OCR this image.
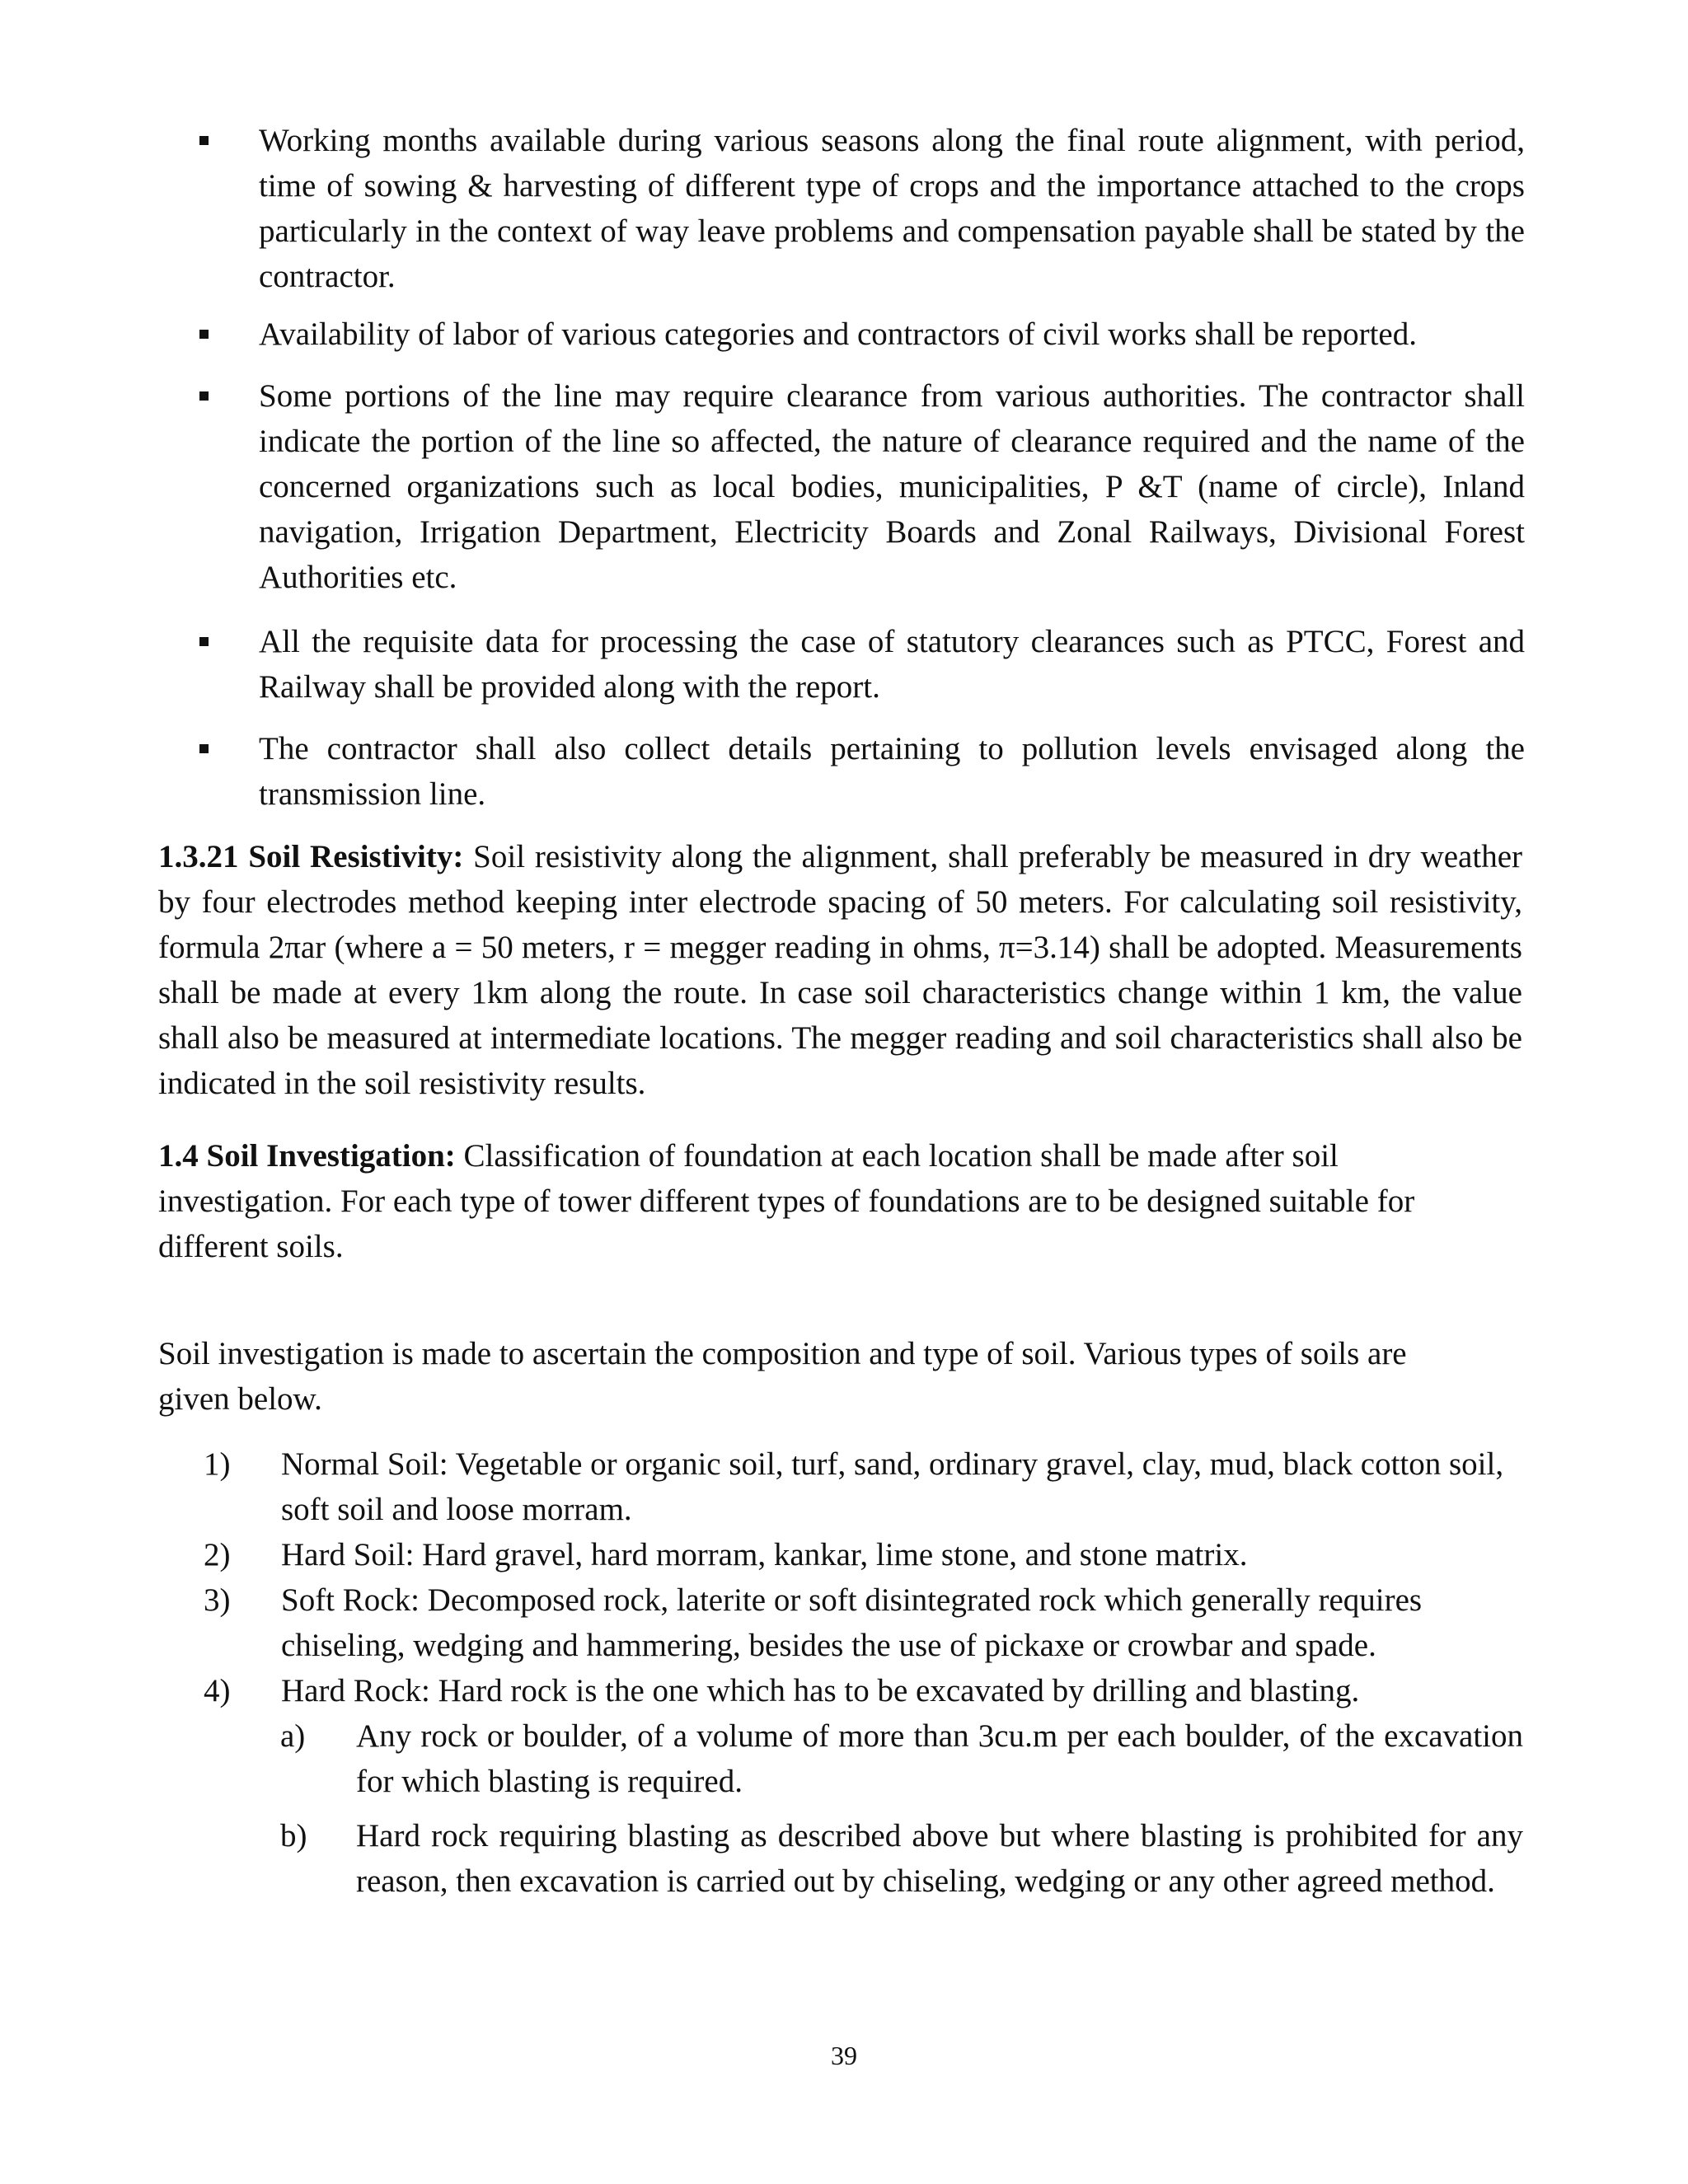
Working months available during various seasons along the final route alignment, with period, time of sowing & harvesting of different type of crops and the importance attached to the crops particularly in the context of way leave problems and compensation payable shall be stated by the contractor.
Availability of labor of various categories and contractors of civil works shall be reported.
Some portions of the line may require clearance from various authorities. The contractor shall indicate the portion of the line so affected, the nature of clearance required and the name of the concerned organizations such as local bodies, municipalities, P &T (name of circle), Inland navigation, Irrigation Department, Electricity Boards and Zonal Railways, Divisional Forest Authorities etc.
All the requisite data for processing the case of statutory clearances such as PTCC, Forest and Railway shall be provided along with the report.
The contractor shall also collect details pertaining to pollution levels envisaged along the transmission line.
1.3.21 Soil Resistivity: Soil resistivity along the alignment, shall preferably be measured in dry weather by four electrodes method keeping inter electrode spacing of 50 meters. For calculating soil resistivity, formula 2πar (where a = 50 meters, r = megger reading in ohms, π=3.14) shall be adopted. Measurements shall be made at every 1km along the route. In case soil characteristics change within 1 km, the value shall also be measured at intermediate locations. The megger reading and soil characteristics shall also be indicated in the soil resistivity results.
1.4 Soil Investigation: Classification of foundation at each location shall be made after soil investigation. For each type of tower different types of foundations are to be designed suitable for different soils.
Soil investigation is made to ascertain the composition and type of soil. Various types of soils are given below.
1) Normal Soil: Vegetable or organic soil, turf, sand, ordinary gravel, clay, mud, black cotton soil, soft soil and loose morram.
2) Hard Soil: Hard gravel, hard morram, kankar, lime stone, and stone matrix.
3) Soft Rock: Decomposed rock, laterite or soft disintegrated rock which generally requires chiseling, wedging and hammering, besides the use of pickaxe or crowbar and spade.
4) Hard Rock: Hard rock is the one which has to be excavated by drilling and blasting.
a) Any rock or boulder, of a volume of more than 3cu.m per each boulder, of the excavation for which blasting is required.
b) Hard rock requiring blasting as described above but where blasting is prohibited for any reason, then excavation is carried out by chiseling, wedging or any other agreed method.
39
